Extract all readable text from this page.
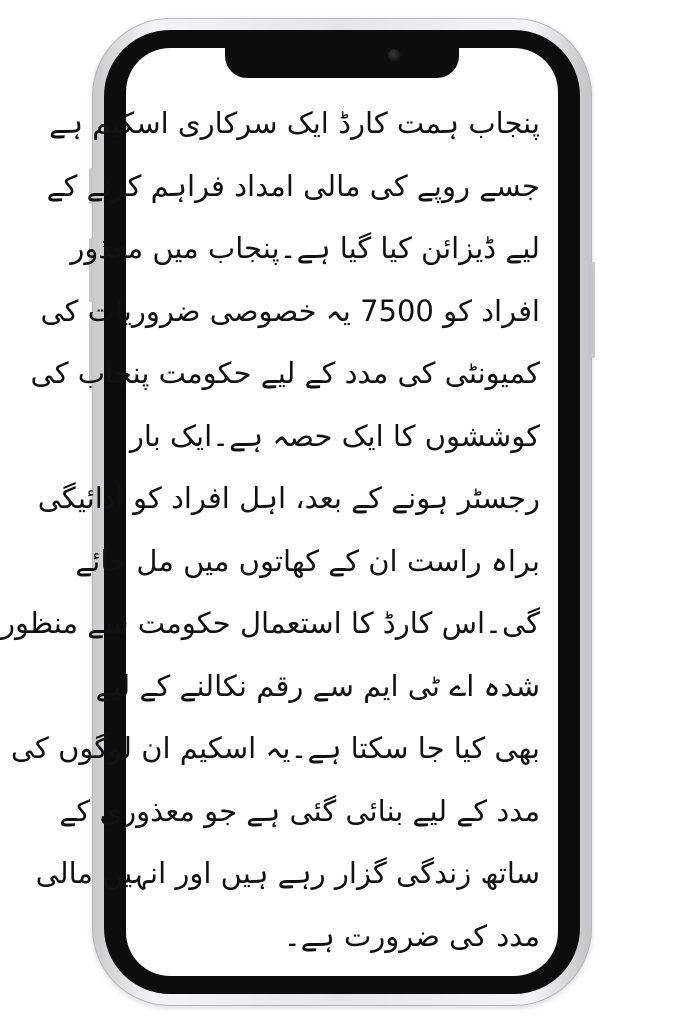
پنجاب ہمت کارڈ ایک سرکاری اسکیم ہے
جسے روپے کی مالی امداد فراہم کرنے کے
لیے ڈیزائن کیا گیا ہے۔پنجاب میں معذور
افراد کو 7500 یہ خصوصی ضروریات کی
کمیونٹی کی مدد کے لیے حکومت پنجاب کی
کوششوں کا ایک حصہ ہے۔ایک بار
رجسٹر ہونے کے بعد، اہل افراد کو ادائیگی
براہ راست ان کے کھاتوں میں مل جائے
گی۔اس کارڈ کا استعمال حکومت سے منظور
شدہ اے ٹی ایم سے رقم نکالنے کے لیے
بھی کیا جا سکتا ہے۔یہ اسکیم ان لوگوں کی
مدد کے لیے بنائی گئی ہے جو معذوری کے
ساتھ زندگی گزار رہے ہیں اور انہیں مالی
مدد کی ضرورت ہے۔
